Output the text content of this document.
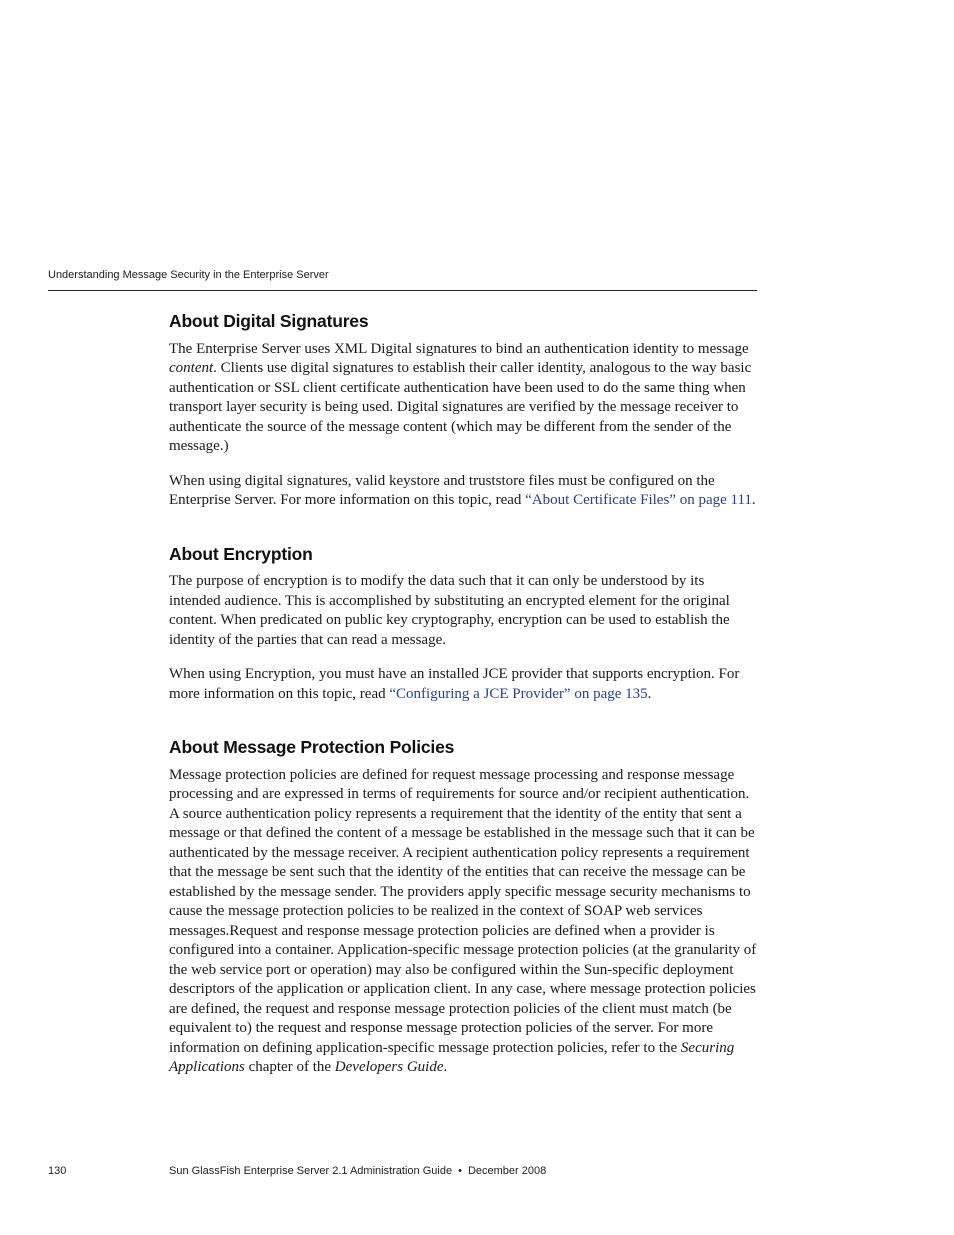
Understanding Message Security in the Enterprise Server
About Digital Signatures

The Enterprise Server uses XML Digital signatures to bind an authentication identity to message content. Clients use digital signatures to establish their caller identity, analogous to the way basic authentication or SSL client certificate authentication have been used to do the same thing when transport layer security is being used. Digital signatures are verified by the message receiver to authenticate the source of the message content (which may be different from the sender of the message.)

When using digital signatures, valid keystore and truststore files must be configured on the Enterprise Server. For more information on this topic, read “About Certificate Files” on page 111.

About Encryption

The purpose of encryption is to modify the data such that it can only be understood by its intended audience. This is accomplished by substituting an encrypted element for the original content. When predicated on public key cryptography, encryption can be used to establish the identity of the parties that can read a message.

When using Encryption, you must have an installed JCE provider that supports encryption. For more information on this topic, read “Configuring a JCE Provider” on page 135.

About Message Protection Policies

Message protection policies are defined for request message processing and response message processing and are expressed in terms of requirements for source and/or recipient authentication. A source authentication policy represents a requirement that the identity of the entity that sent a message or that defined the content of a message be established in the message such that it can be authenticated by the message receiver. A recipient authentication policy represents a requirement that the message be sent such that the identity of the entities that can receive the message can be established by the message sender. The providers apply specific message security mechanisms to cause the message protection policies to be realized in the context of SOAP web services messages.Request and response message protection policies are defined when a provider is configured into a container. Application-specific message protection policies (at the granularity of the web service port or operation) may also be configured within the Sun-specific deployment descriptors of the application or application client. In any case, where message protection policies are defined, the request and response message protection policies of the client must match (be equivalent to) the request and response message protection policies of the server. For more information on defining application-specific message protection policies, refer to the Securing Applications chapter of the Developers Guide.

130	Sun GlassFish Enterprise Server 2.1 Administration Guide • December 2008
